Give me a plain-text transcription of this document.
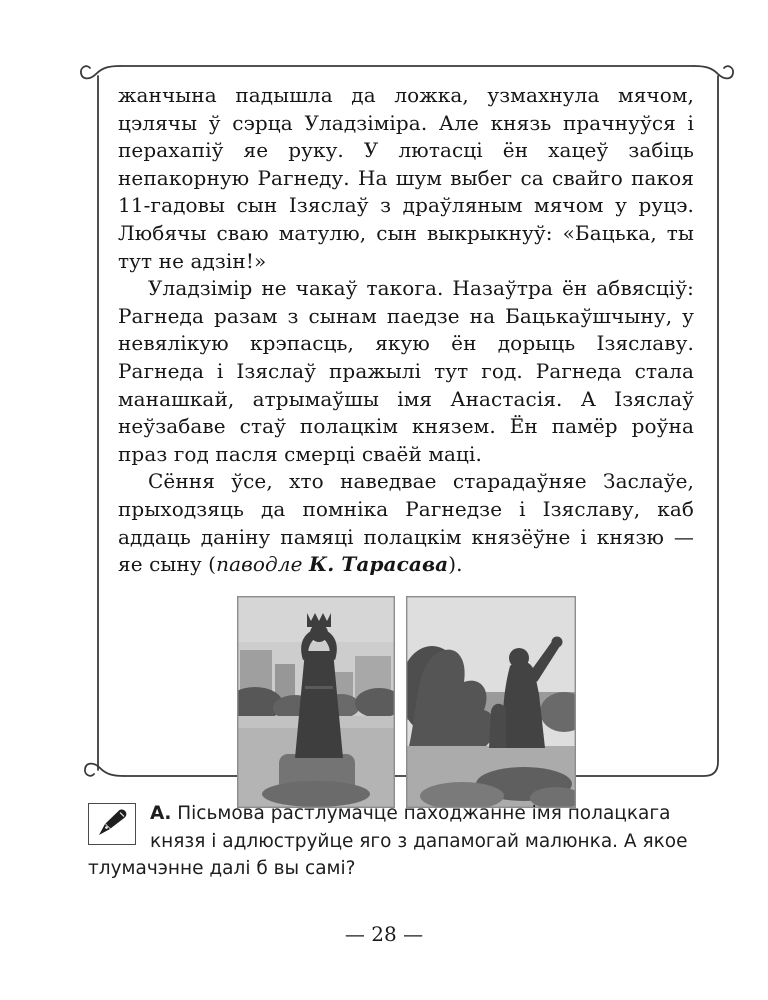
жанчына падышла да ложка, узмахнула мячом, цэлячы ў сэрца Уладзіміра. Але князь прачнуўся і перахапіў яе руку. У лютасці ён хацеў забіць непакорную Рагнеду. На шум выбег са свайго пакоя 11-гадовы сын Ізяслаў з драўляным мячом у руцэ. Любячы сваю матулю, сын выкрыкнуў: «Бацька, ты тут не адзін!»

Уладзімір не чакаў такога. Назаўтра ён абвясціў: Рагнеда разам з сынам паедзе на Бацькаўшчыну, у невялікую крэпасць, якую ён дорыць Ізяславу. Рагнеда і Ізяслаў пражылі тут год. Рагнеда стала манашкай, атрымаўшы імя Анастасія. А Ізяслаў неўзабаве стаў полацкім князем. Ён памёр роўна праз год пасля смерці сваёй маці.

Сёння ўсе, хто наведвае старадаўняе Заслаўе, прыходзяць да помніка Рагнедзе і Ізяславу, каб аддаць даніну памяці полацкім князёўне і князю — яе сыну (паводле К. Тарасава).

А. Пісьмова растлумачце паходжанне імя полацкага князя і адлюструйце яго з дапамогай малюнка. А якое тлумачэнне далі б вы самі?

— 28 —
